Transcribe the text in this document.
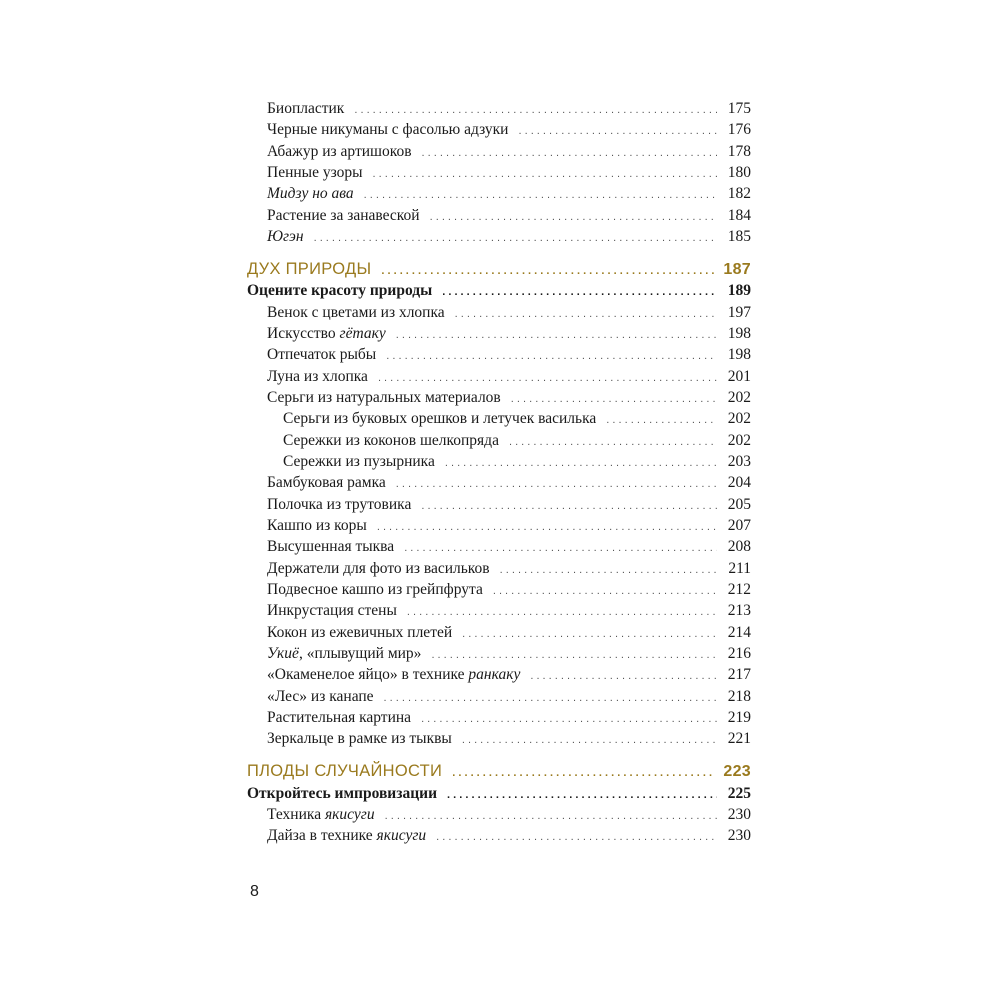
Биопластик . . .	175
Черные никуманы с фасолью адзуки . . .	176
Абажур из артишоков . . .	178
Пенные узоры . . .	180
Мидзу но ава . . .	182
Растение за занавеской . . .	184
Югэн . . .	185
ДУХ ПРИРОДЫ . . .	187
Оцените красоту природы . . .	189
Венок с цветами из хлопка . . .	197
Искусство гётаку . . .	198
Отпечаток рыбы . . .	198
Луна из хлопка . . .	201
Серьги из натуральных материалов . . .	202
Серьги из буковых орешков и летучек василька . . .	202
Сережки из коконов шелкопряда . . .	202
Сережки из пузырника . . .	203
Бамбуковая рамка . . .	204
Полочка из трутовика . . .	205
Кашпо из коры . . .	207
Высушенная тыква . . .	208
Держатели для фото из васильков . . .	211
Подвесное кашпо из грейпфрута . . .	212
Инкрустация стены . . .	213
Кокон из ежевичных плетей . . .	214
Укиё, «плывущий мир» . . .	216
«Окаменелое яйцо» в технике ранкаку . . .	217
«Лес» из канапе . . .	218
Растительная картина . . .	219
Зеркальце в рамке из тыквы . . .	221
ПЛОДЫ СЛУЧАЙНОСТИ . . .	223
Откройтесь импровизации . . .	225
Техника якисуги . . .	230
Дайза в технике якисуги . . .	230
8
